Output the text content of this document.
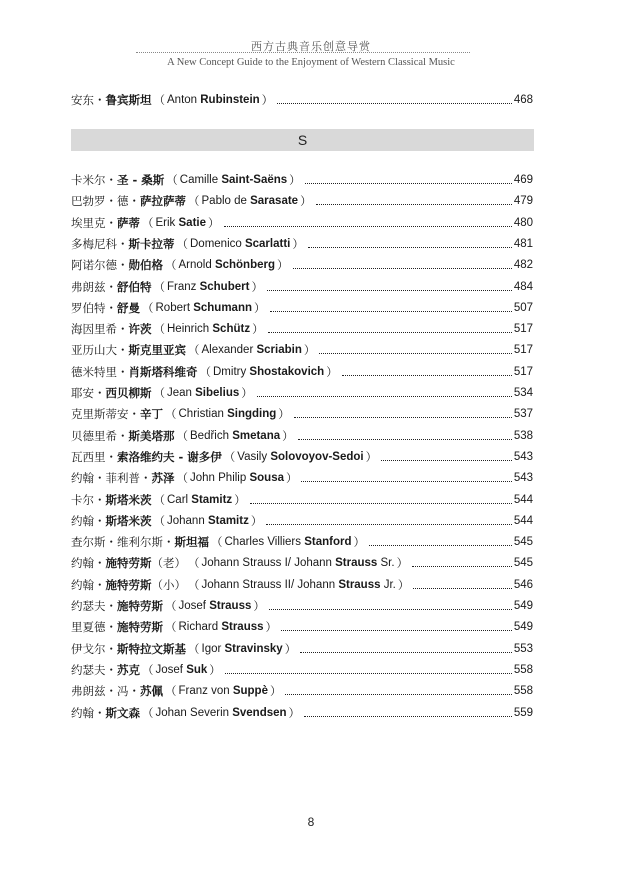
西方古典音乐创意导赏
A New Concept Guide to the Enjoyment of Western Classical Music
安东・鲁宾斯坦 （ Anton Rubinstein ）	468
S
卡米尔・圣 - 桑斯 （ Camille Saint-Saëns ）	469
巴勃罗・德・萨拉萨蒂 （ Pablo de Sarasate ）	479
埃里克・萨蒂 （ Erik Satie ）	480
多梅尼科・斯卡拉蒂 （ Domenico Scarlatti ）	481
阿诺尔德・勋伯格 （ Arnold Schönberg ）	482
弗朗兹・舒伯特 （ Franz Schubert ）	484
罗伯特・舒曼 （ Robert Schumann ）	507
海因里希・许茨 （ Heinrich Schütz ）	517
亚历山大・斯克里亚宾 （ Alexander Scriabin ）	517
德米特里・肖斯塔科维奇 （ Dmitry Shostakovich ）	517
耶安・西贝柳斯 （ Jean Sibelius ）	534
克里斯蒂安・辛丁 （ Christian Singding ）	537
贝德里希・斯美塔那 （ Bedřich Smetana ）	538
瓦西里・索洛维约夫 - 谢多伊 （ Vasily Solovoyov-Sedoi ）	543
约翰・菲利普・苏泽 （ John Philip Sousa ）	543
卡尔・斯塔米茨 （ Carl Stamitz ）	544
约翰・斯塔米茨 （ Johann Stamitz ）	544
查尔斯・维利尔斯・斯坦福 （ Charles Villiers Stanford ）	545
约翰・施特劳斯（老） （ Johann Strauss I/ Johann Strauss Sr. ）	545
约翰・施特劳斯（小） （ Johann Strauss II/ Johann Strauss Jr. ）	546
约瑟夫・施特劳斯 （ Josef Strauss ）	549
里夏德・施特劳斯 （ Richard Strauss ）	549
伊戈尔・斯特拉文斯基 （ Igor Stravinsky ）	553
约瑟夫・苏克 （ Josef Suk ）	558
弗朗兹・冯・苏佩 （ Franz von Suppè ）	558
约翰・斯文森 （ Johan Severin Svendsen ）	559
8
